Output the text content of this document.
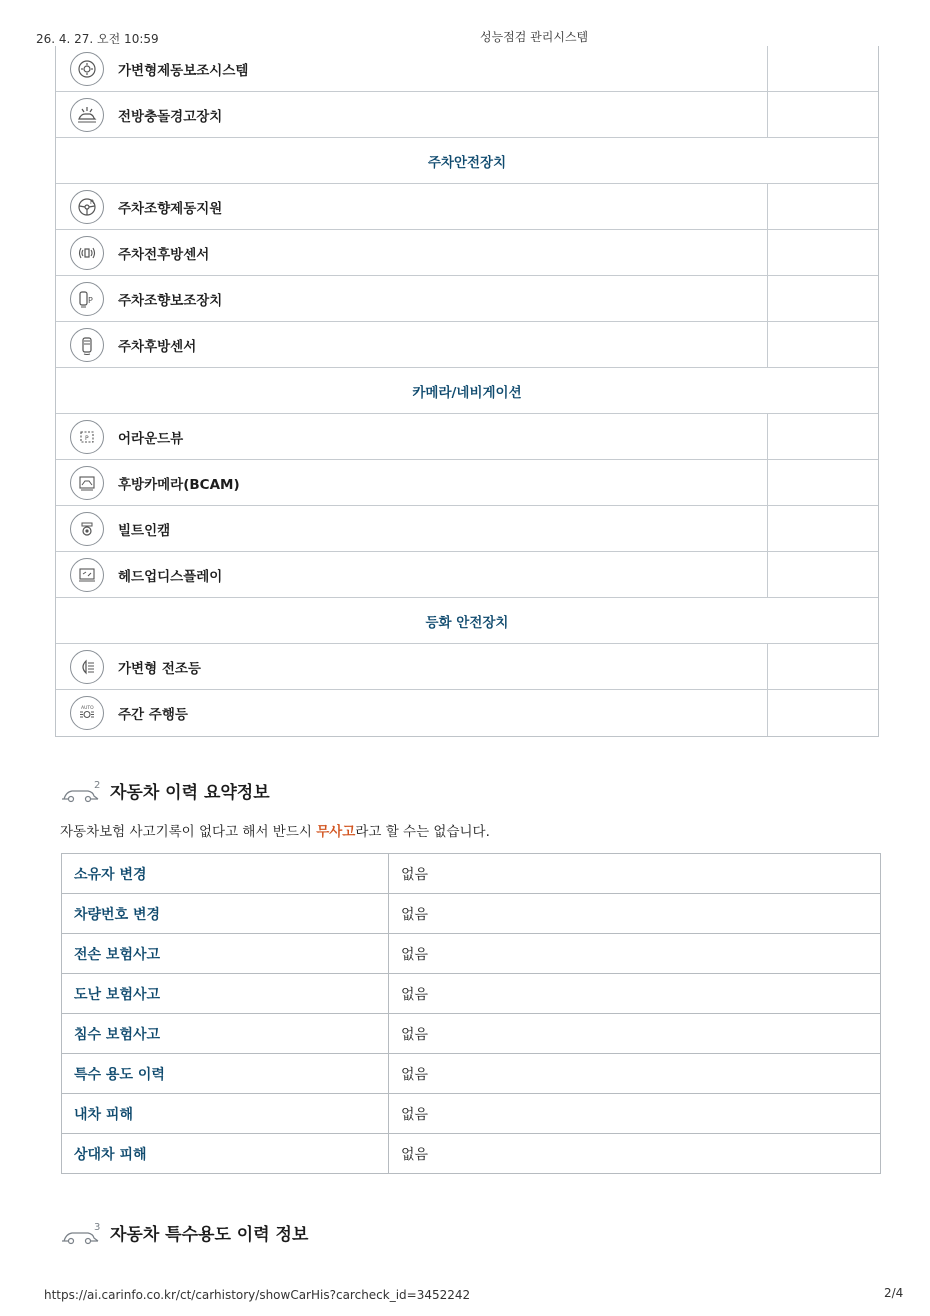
26. 4. 27. 오전 10:59	성능점검 관리시스템
가변형제동보조시스템
전방충돌경고장치
주차안전장치
R 주차조향제동지원
주차전후방센서
P 주차조향보조장치
주차후방센서
카메라/네비게이션
P 어라운드뷰
후방카메라(BCAM)
빌트인캠
헤드업디스플레이
등화 안전장치
가변형 전조등
AUTO 주간 주행등
2 자동차 이력 요약정보
자동차보험 사고기록이 없다고 해서 반드시 무사고라고 할 수는 없습니다.
소유자 변경	없음
차량번호 변경	없음
전손 보험사고	없음
도난 보험사고	없음
침수 보험사고	없음
특수 용도 이력	없음
내차 피해	없음
상대차 피해	없음
3 자동차 특수용도 이력 정보
https://ai.carinfo.co.kr/ct/carhistory/showCarHis?carcheck_id=3452242	2/4
